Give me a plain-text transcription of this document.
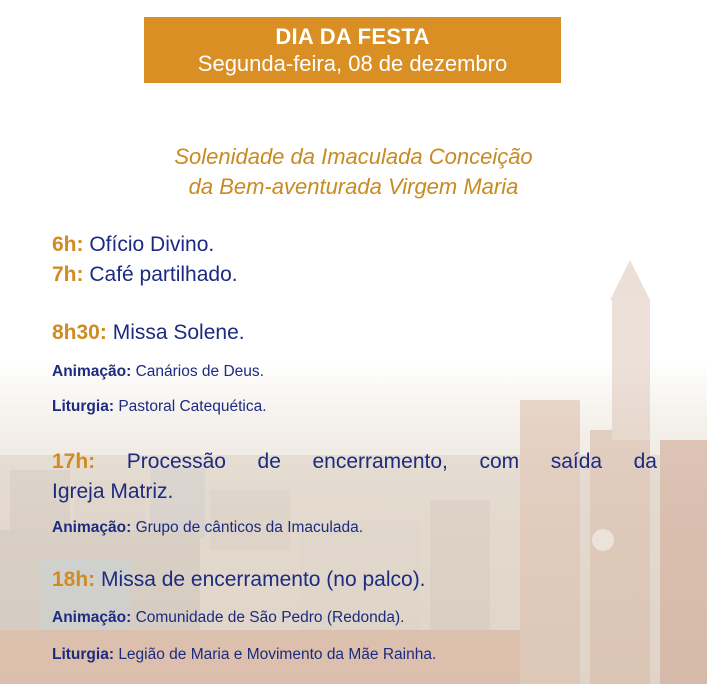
DIA DA FESTA
Segunda-feira, 08 de dezembro
Solenidade da Imaculada Conceição
da Bem-aventurada Virgem Maria
6h: Ofício Divino.
7h: Café partilhado.
8h30: Missa Solene.
Animação: Canários de Deus.
Liturgia: Pastoral Catequética.
17h: Processão de encerramento, com saída da
Igreja Matriz.
Animação: Grupo de cânticos da Imaculada.
18h: Missa de encerramento (no palco).
Animação: Comunidade de São Pedro (Redonda).
Liturgia: Legião de Maria e Movimento da Mãe Rainha.
